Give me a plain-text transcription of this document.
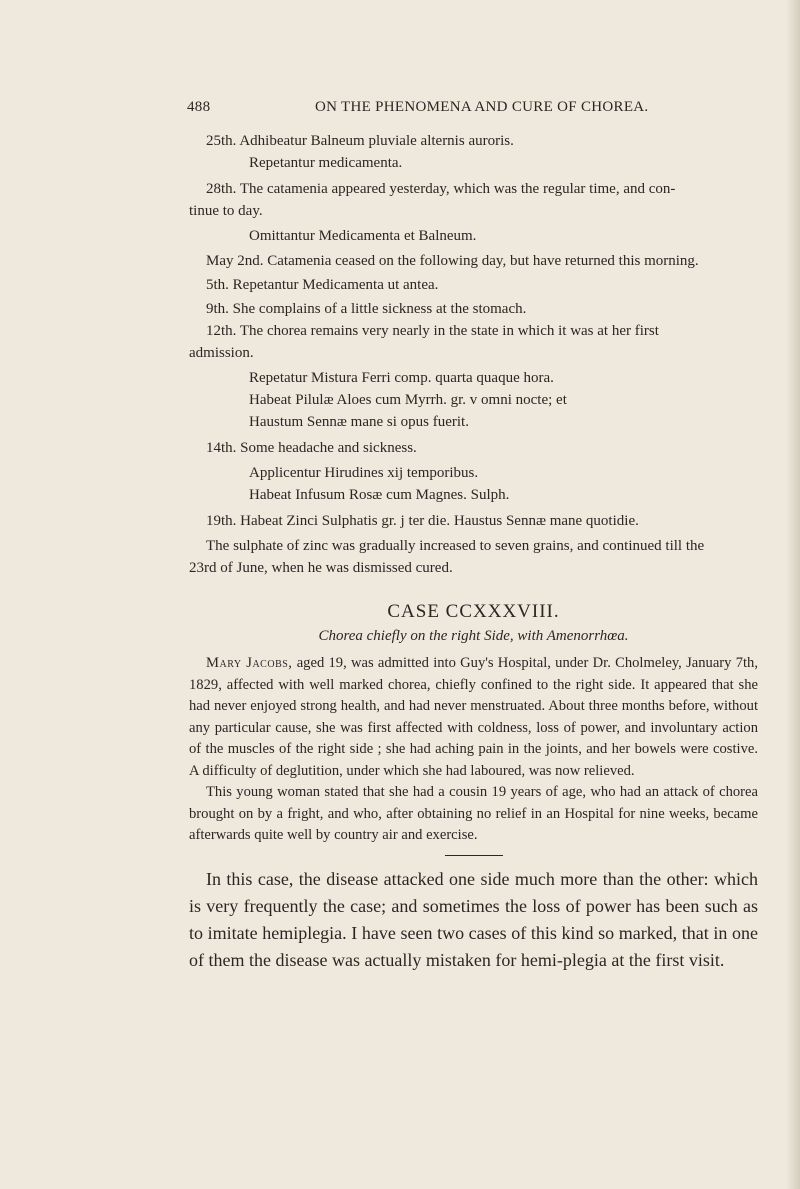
488	ON THE PHENOMENA AND CURE OF CHOREA.

25th. Adhibeatur Balneum pluviale alternis auroris.

Repetantur medicamenta.

28th. The catamenia appeared yesterday, which was the regular time, and con-

tinue to day.

Omittantur Medicamenta et Balneum.

May 2nd. Catamenia ceased on the following day, but have returned this morning.

5th. Repetantur Medicamenta ut antea.

9th. She complains of a little sickness at the stomach.

12th. The chorea remains very nearly in the state in which it was at her first

admission.

Repetatur Mistura Ferri comp. quarta quaque hora.

Habeat Pilulæ Aloes cum Myrrh. gr. v omni nocte; et

Haustum Sennæ mane si opus fuerit.

14th. Some headache and sickness.

Applicentur Hirudines xij temporibus.

Habeat Infusum Rosæ cum Magnes. Sulph.

19th. Habeat Zinci Sulphatis gr. j ter die. Haustus Sennæ mane quotidie.

The sulphate of zinc was gradually increased to seven grains, and continued till the

23rd of June, when he was dismissed cured.

CASE CCXXXVIII.
Chorea chiefly on the right Side, with Amenorrhœa.

Mary Jacobs, aged 19, was admitted into Guy's Hospital, under Dr. Cholmeley, January 7th, 1829, affected with well marked chorea, chiefly confined to the right side. It appeared that she had never enjoyed strong health, and had never menstruated. About three months before, without any particular cause, she was first affected with coldness, loss of power, and involuntary action of the muscles of the right side ; she had aching pain in the joints, and her bowels were costive. A difficulty of deglutition, under which she had laboured, was now relieved.

This young woman stated that she had a cousin 19 years of age, who had an attack of chorea brought on by a fright, and who, after obtaining no relief in an Hospital for nine weeks, became afterwards quite well by country air and exercise.

In this case, the disease attacked one side much more than the other: which is very frequently the case; and sometimes the loss of power has been such as to imitate hemiplegia. I have seen two cases of this kind so marked, that in one of them the disease was actually mistaken for hemi-plegia at the first visit.
